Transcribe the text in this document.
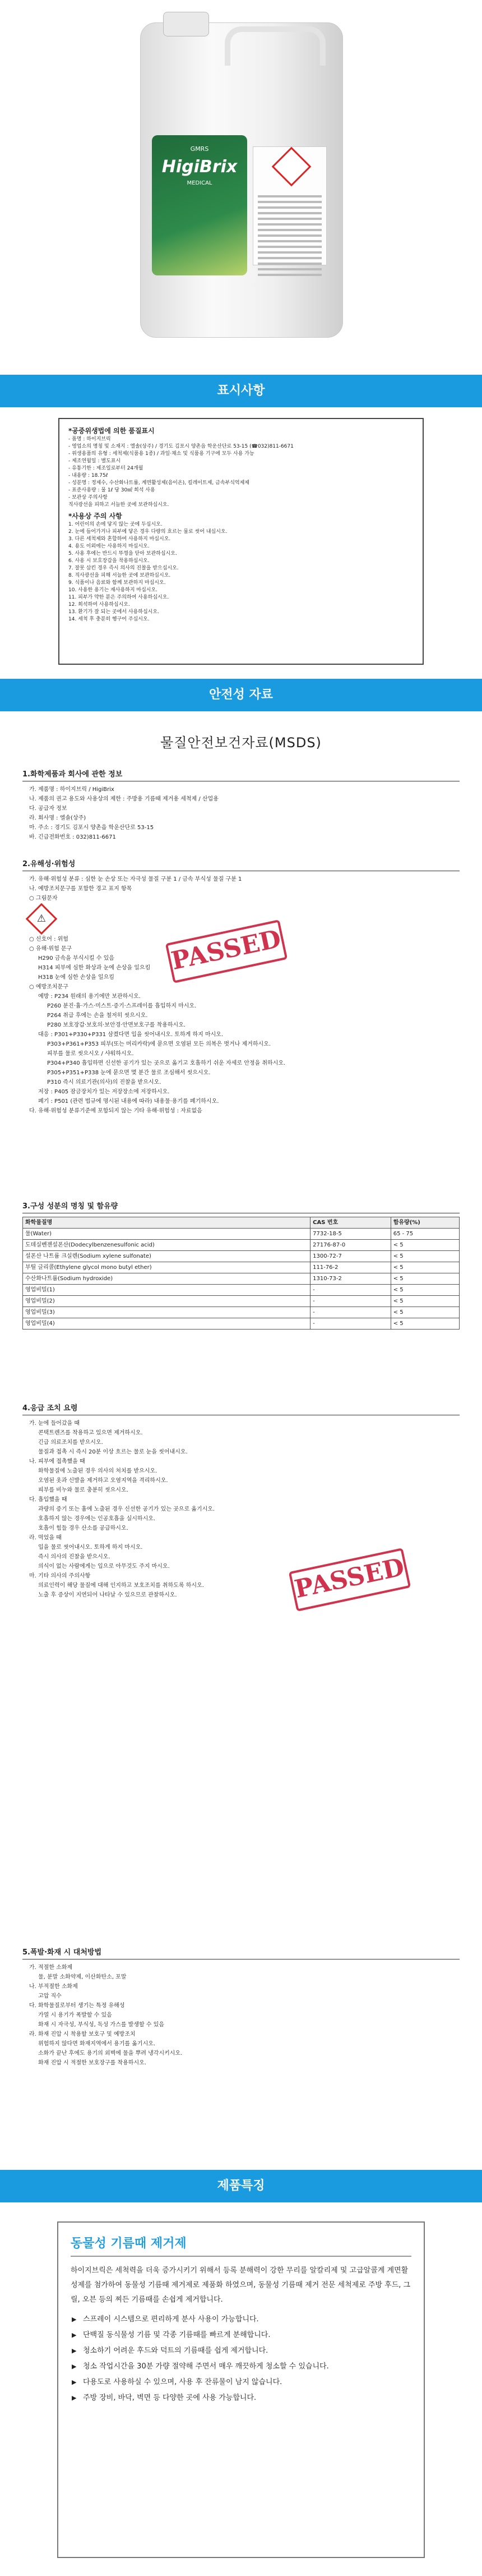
GMRS
HigiBrix
MEDICAL
표시사항

*공중위생법에 의한 품질표시

- 품명 : 하이지브릭

- 영업소의 명칭 및 소재지 : 엘솔(상주) / 경기도 김포시 양촌읍 학운산단로 53-15 (☎032)811-6671

- 위생용품의 유형 : 세척제(식품용 1종) / 과일·채소 및 식품용 기구에 모두 사용 가능

- 제조연월일 : 별도표시

- 유통기한 : 제조일로부터 24개월

- 내용량 : 18.75ℓ

- 성분명 : 정제수, 수산화나트륨, 계면활성제(음이온), 킬레이트제, 금속부식억제제

- 표준사용량 : 물 1ℓ 당 30㎖ 희석 사용

- 보관상 주의사항

직사광선을 피하고 서늘한 곳에 보관하십시오.

*사용상 주의 사항

1. 어린이의 손에 닿지 않는 곳에 두십시오.

2. 눈에 들어가거나 피부에 닿은 경우 다량의 흐르는 물로 씻어 내십시오.

3. 다른 세척제와 혼합하여 사용하지 마십시오.

4. 용도 이외에는 사용하지 마십시오.

5. 사용 후에는 반드시 뚜껑을 닫아 보관하십시오.

6. 사용 시 보호장갑을 착용하십시오.

7. 잘못 삼킨 경우 즉시 의사의 진찰을 받으십시오.

8. 직사광선을 피해 서늘한 곳에 보관하십시오.

9. 식품이나 음료와 함께 보관하지 마십시오.

10. 사용한 용기는 재사용하지 마십시오.

11. 피부가 약한 분은 주의하여 사용하십시오.

12. 희석하여 사용하십시오.

13. 환기가 잘 되는 곳에서 사용하십시오.

14. 세척 후 충분히 헹구어 주십시오.

안전성 자료
물질안전보건자료(MSDS)

1.화학제품과 회사에 관한 정보

가. 제품명 : 하이지브릭 / HigiBrix

나. 제품의 권고 용도와 사용상의 제한 : 주방용 기름때 제거용 세척제 / 산업용

다. 공급자 정보

라. 회사명 : 엘솔(상주)

마. 주소 : 경기도 김포시 양촌읍 학운산단로 53-15

바. 긴급전화번호 : 032)811-6671

2.유해성·위험성

가. 유해·위험성 분류 : 심한 눈 손상 또는 자극성 물질 구분 1 / 금속 부식성 물질 구분 1

나. 예방조치문구를 포함한 경고 표지 항목

○ 그림문자

⚠

○ 신호어 : 위험

○ 유해·위험 문구

H290 금속을 부식시킬 수 있음

H314 피부에 심한 화상과 눈에 손상을 일으킴

H318 눈에 심한 손상을 일으킴

○ 예방조치문구

예방 : P234 원래의 용기에만 보관하시오.

P260 분진·흄·가스·미스트·증기·스프레이를 흡입하지 마시오.

P264 취급 후에는 손을 철저히 씻으시오.

P280 보호장갑·보호의·보안경·안면보호구를 착용하시오.

대응 : P301+P330+P331 삼켰다면 입을 씻어내시오. 토하게 하지 마시오.

P303+P361+P353 피부(또는 머리카락)에 묻으면 오염된 모든 의복은 벗거나 제거하시오.

피부를 물로 씻으시오 / 샤워하시오.

P304+P340 흡입하면 신선한 공기가 있는 곳으로 옮기고 호흡하기 쉬운 자세로 안정을 취하시오.

P305+P351+P338 눈에 묻으면 몇 분간 물로 조심해서 씻으시오.

P310 즉시 의료기관(의사)의 진찰을 받으시오.

저장 : P405 잠금장치가 있는 저장장소에 저장하시오.

폐기 : P501 (관련 법규에 명시된 내용에 따라) 내용물·용기를 폐기하시오.

다. 유해·위험성 분류기준에 포함되지 않는 기타 유해·위험성 : 자료없음

PASSED

3.구성 성분의 명칭 및 함유량

화학물질명	CAS 번호	함유량(%)
물(Water)	7732-18-5	65 - 75
도데실벤젠설폰산(Dodecylbenzenesulfonic acid)	27176-87-0	< 5
설폰산 나트륨 크실렌(Sodium xylene sulfonate)	1300-72-7	< 5
부틸 글리콜(Ethylene glycol mono butyl ether)	111-76-2	< 5
수산화나트륨(Sodium hydroxide)	1310-73-2	< 5
영업비밀(1)	-	< 5
영업비밀(2)	-	< 5
영업비밀(3)	-	< 5
영업비밀(4)	-	< 5

4.응급 조치 요령

가. 눈에 들어갔을 때

콘택트렌즈를 착용하고 있으면 제거하시오.

긴급 의료조치를 받으시오.

물질과 접촉 시 즉시 20분 이상 흐르는 물로 눈을 씻어내시오.

나. 피부에 접촉했을 때

화학물질에 노출된 경우 의사의 처치를 받으시오.

오염된 옷과 신발을 제거하고 오염지역을 격리하시오.

피부를 비누와 물로 충분히 씻으시오.

다. 흡입했을 때

과량의 증기 또는 흄에 노출된 경우 신선한 공기가 있는 곳으로 옮기시오.

호흡하지 않는 경우에는 인공호흡을 실시하시오.

호흡이 힘들 경우 산소를 공급하시오.

라. 먹었을 때

입을 물로 씻어내시오. 토하게 하지 마시오.

즉시 의사의 진찰을 받으시오.

의식이 없는 사람에게는 입으로 아무것도 주지 마시오.

마. 기타 의사의 주의사항

의료인력이 해당 물질에 대해 인지하고 보호조치를 취하도록 하시오.

노출 후 증상이 지연되어 나타날 수 있으므로 관찰하시오.	PASSED

5.폭발·화재 시 대처방법

가. 적절한 소화제

물, 분말 소화약제, 이산화탄소, 포말

나. 부적절한 소화제

고압 직수

다. 화학물질로부터 생기는 특정 유해성

가열 시 용기가 폭발할 수 있음

화재 시 자극성, 부식성, 독성 가스를 발생할 수 있음

라. 화재 진압 시 착용할 보호구 및 예방조치

위험하지 않다면 화재지역에서 용기를 옮기시오.

소화가 끝난 후에도 용기의 외벽에 물을 뿌려 냉각시키시오.

화재 진압 시 적절한 보호장구를 착용하시오.

제품특징

동물성 기름때 제거제

하이지브릭은 세척력을 더욱 증가시키기 위해서 등록 분해력이 강한 무리를 알칼리제 및 고급알콜계 계면활성제를 첨가하여 동물성 기름때 제거제로 제품화 하였으며, 동물성 기름때 제거 전문 세척제로 주방 후드, 그릴, 오븐 등의 찌든 기름때를 손쉽게 제거합니다.

▶ 스프레이 시스템으로 편리하게 분사 사용이 가능합니다.

▶ 단백질 동식물성 기름 및 각종 기름때를 빠르게 분해합니다.

▶ 청소하기 어려운 후드와 덕트의 기름때를 쉽게 제거합니다.

▶ 청소 작업시간을 30분 가량 절약해 주면서 매우 깨끗하게 청소할 수 있습니다.

▶ 다용도로 사용하실 수 있으며, 사용 후 잔류물이 남지 않습니다.

▶ 주방 장비, 바닥, 벽면 등 다양한 곳에 사용 가능합니다.
